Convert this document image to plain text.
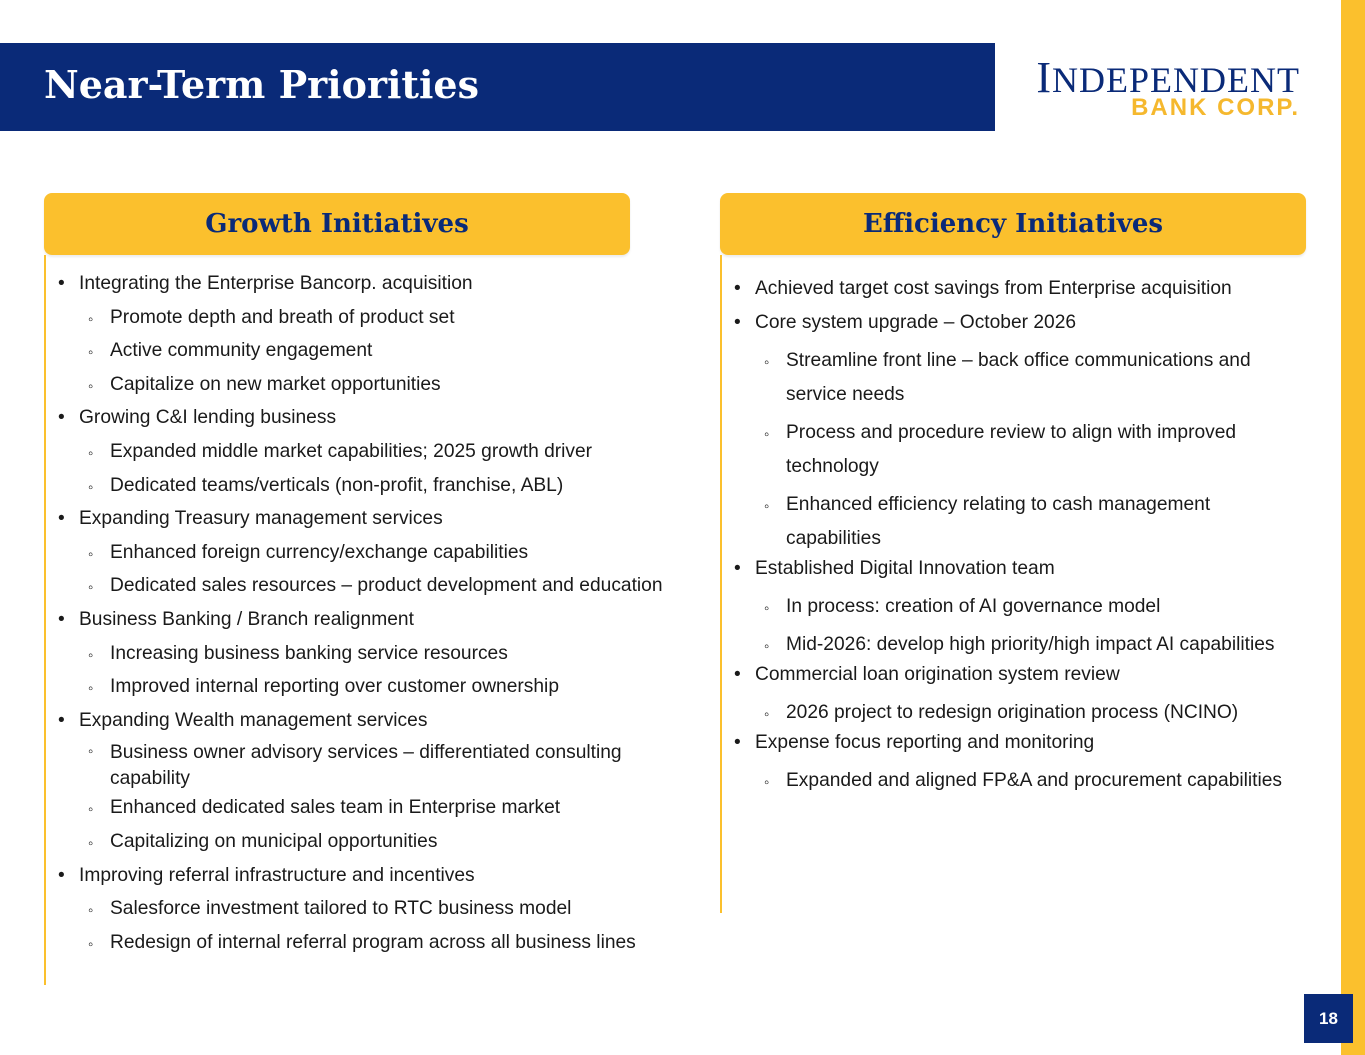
Near-Term Priorities	INDEPENDENT
BANK CORP.
Growth Initiatives
• Integrating the Enterprise Bancorp. acquisition
◦ Promote depth and breath of product set
◦ Active community engagement
◦ Capitalize on new market opportunities
• Growing C&I lending business
◦ Expanded middle market capabilities; 2025 growth driver
◦ Dedicated teams/verticals (non-profit, franchise, ABL)
• Expanding Treasury management services
◦ Enhanced foreign currency/exchange capabilities
◦ Dedicated sales resources – product development and education
• Business Banking / Branch realignment
◦ Increasing business banking service resources
◦ Improved internal reporting over customer ownership
• Expanding Wealth management services
◦ Business owner advisory services – differentiated consulting capability
◦ Enhanced dedicated sales team in Enterprise market
◦ Capitalizing on municipal opportunities
• Improving referral infrastructure and incentives
◦ Salesforce investment tailored to RTC business model
◦ Redesign of internal referral program across all business lines
Efficiency Initiatives
• Achieved target cost savings from Enterprise acquisition
• Core system upgrade – October 2026
◦ Streamline front line – back office communications and service needs
◦ Process and procedure review to align with improved technology
◦ Enhanced efficiency relating to cash management capabilities
• Established Digital Innovation team
◦ In process: creation of AI governance model
◦ Mid-2026: develop high priority/high impact AI capabilities
• Commercial loan origination system review
◦ 2026 project to redesign origination process (NCINO)
• Expense focus reporting and monitoring
◦ Expanded and aligned FP&A and procurement capabilities
18
